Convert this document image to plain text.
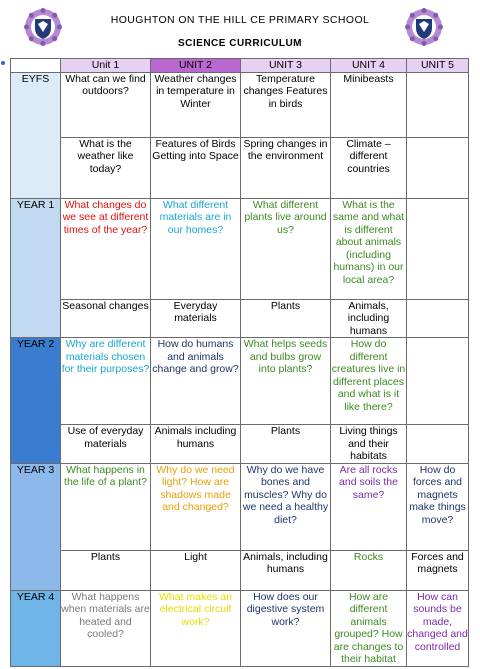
HOUGHTON ON THE HILL CE PRIMARY SCHOOL
SCIENCE CURRICULUM
	Unit 1	UNIT 2	UNIT 3	UNIT 4	UNIT 5
EYFS	What can we find outdoors?	Weather changes in temperature in Winter	Temperature changes Features in birds	Minibeasts	
	What is the weather like today?	Features of Birds Getting into Space	Spring changes in the environment	Climate – different countries	
YEAR 1	What changes do we see at different times of the year?	What different materials are in our homes?	What different plants live around us?	What is the same and what is different about animals (including humans) in our local area?	
	Seasonal changes	Everyday materials	Plants	Animals, including humans	
YEAR 2	Why are different materials chosen for their purposes?	How do humans and animals change and grow?	What helps seeds and bulbs grow into plants?	How do different creatures live in different places and what is it like there?	
	Use of everyday materials	Animals including humans	Plants	Living things and their habitats	
YEAR 3	What happens in the life of a plant?	Why do we need light? How are shadows made and changed?	Why do we have bones and muscles? Why do we need a healthy diet?	Are all rocks and soils the same?	How do forces and magnets make things move?
	Plants	Light	Animals, including humans	Rocks	Forces and magnets
YEAR 4	What happens when materials are heated and cooled?	What makes an electrical circuit work?	How does our digestive system work?	How are different animals grouped? How are changes to their habitat	How can sounds be made, changed and controlled
